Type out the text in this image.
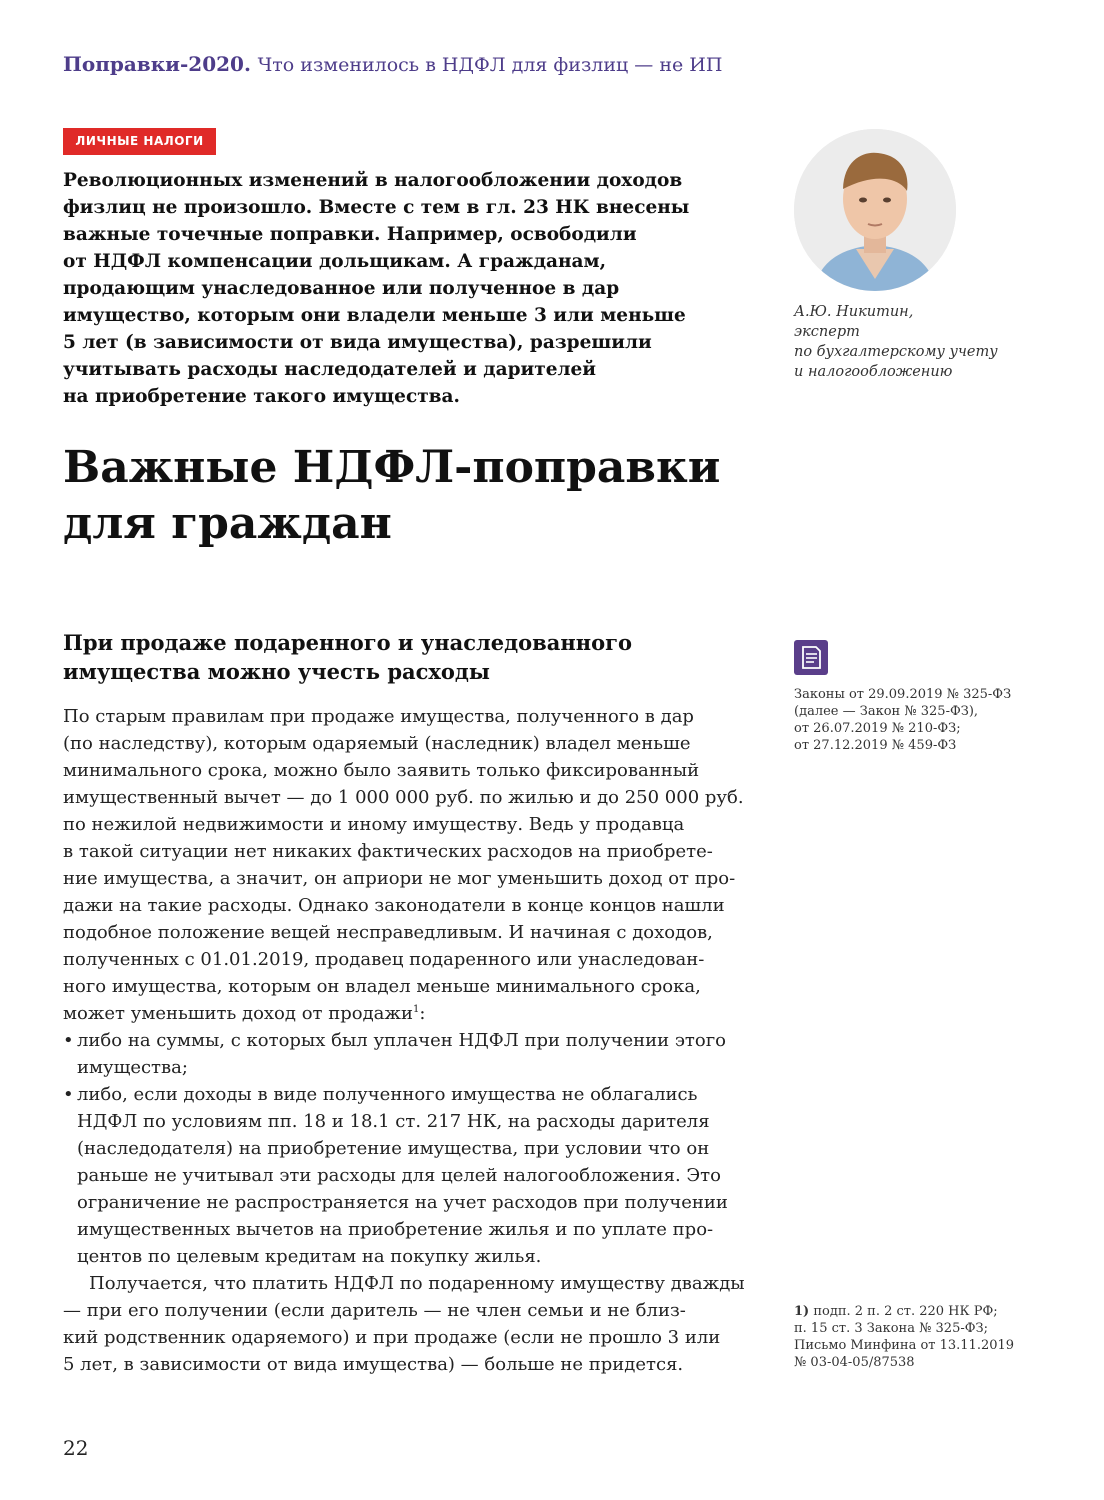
Поправки-2020. Что изменилось в НДФЛ для физлиц — не ИП
ЛИЧНЫЕ НАЛОГИ

Революционных изменений в налогообложении доходов

физлиц не произошло. Вместе с тем в гл. 23 НК внесены

важные точечные поправки. Например, освободили

от НДФЛ компенсации дольщикам. А гражданам,

продающим унаследованное или полученное в дар

имущество, которым они владели меньше 3 или меньше

5 лет (в зависимости от вида имущества), разрешили

учитывать расходы наследодателей и дарителей

на приобретение такого имущества.

А.Ю. Никитин,
эксперт
по бухгалтерскому учету
и налогообложению
Важные НДФЛ-поправки
для граждан
При продаже подаренного и унаследованного
имущества можно учесть расходы
Законы от 29.09.2019 № 325-ФЗ
(далее — Закон № 325-ФЗ),
от 26.07.2019 № 210-ФЗ;
от 27.12.2019 № 459-ФЗ
По старым правилам при продаже имущества, полученного в дар
(по наследству), которым одаряемый (наследник) владел меньше
минимального срока, можно было заявить только фиксированный
имущественный вычет — до 1 000 000 руб. по жилью и до 250 000 руб.
по нежилой недвижимости и иному имуществу. Ведь у продавца
в такой ситуации нет никаких фактических расходов на приобрете-
ние имущества, а значит, он априори не мог уменьшить доход от про-
дажи на такие расходы. Однако законодатели в конце концов нашли
подобное положение вещей несправедливым. И начиная с доходов,
полученных с 01.01.2019, продавец подаренного или унаследован-
ного имущества, которым он владел меньше минимального срока,
может уменьшить доход от продажи$^1$:
• либо на суммы, с которых был уплачен НДФЛ при получении этого
имущества;
• либо, если доходы в виде полученного имущества не облагались
НДФЛ по условиям пп. 18 и 18.1 ст. 217 НК, на расходы дарителя
(наследодателя) на приобретение имущества, при условии что он
раньше не учитывал эти расходы для целей налогообложения. Это
ограничение не распространяется на учет расходов при получении
имущественных вычетов на приобретение жилья и по уплате про-
центов по целевым кредитам на покупку жилья.
Получается, что платить НДФЛ по подаренному имуществу дважды
— при его получении (если даритель — не член семьи и не близ-
кий родственник одаряемого) и при продаже (если не прошло 3 или
5 лет, в зависимости от вида имущества) — больше не придется.
1) подп. 2 п. 2 ст. 220 НК РФ;
п. 15 ст. 3 Закона № 325-ФЗ;
Письмо Минфина от 13.11.2019
№ 03-04-05/87538
22
